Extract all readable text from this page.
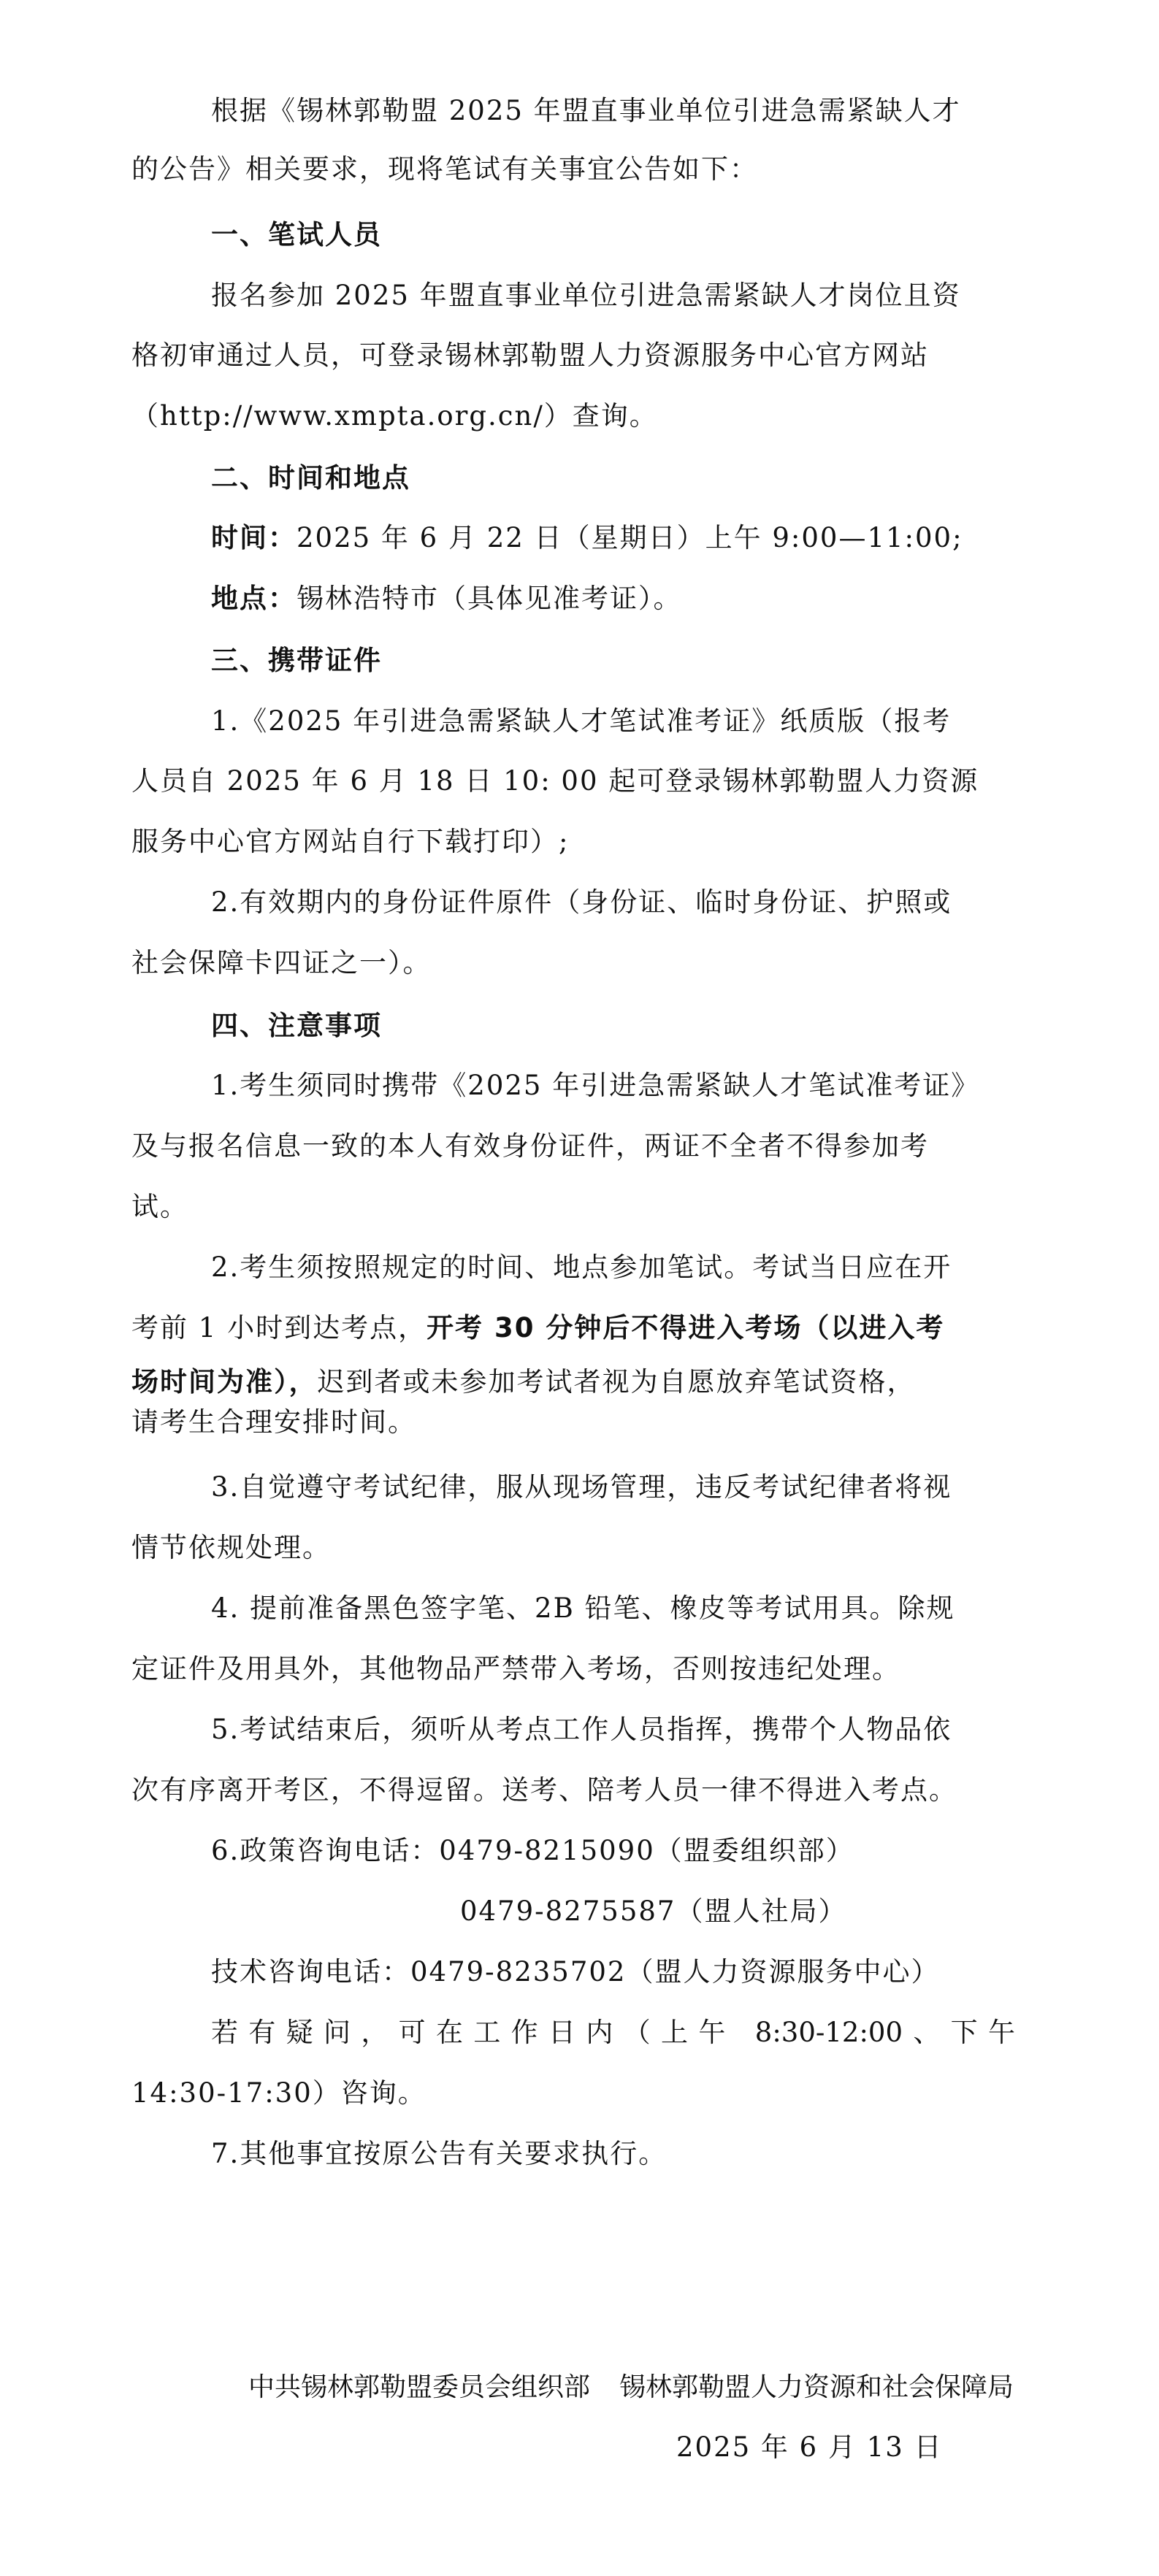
根据《锡林郭勒盟 2025 年盟直事业单位引进急需紧缺人才
的公告》相关要求，现将笔试有关事宜公告如下：
一、笔试人员
报名参加 2025 年盟直事业单位引进急需紧缺人才岗位且资
格初审通过人员，可登录锡林郭勒盟人力资源服务中心官方网站
（http://www.xmpta.org.cn/）查询。
二、时间和地点
时间：2025 年 6 月 22 日（星期日）上午 9:00—11:00;
地点：锡林浩特市（具体见准考证）。
三、携带证件
1.《2025 年引进急需紧缺人才笔试准考证》纸质版（报考
人员自 2025 年 6 月 18 日 10: 00 起可登录锡林郭勒盟人力资源
服务中心官方网站自行下载打印）;
2.有效期内的身份证件原件（身份证、临时身份证、护照或
社会保障卡四证之一）。
四、注意事项
1.考生须同时携带《2025 年引进急需紧缺人才笔试准考证》
及与报名信息一致的本人有效身份证件，两证不全者不得参加考
试。
2.考生须按照规定的时间、地点参加笔试。考试当日应在开
考前 1 小时到达考点，开考 30 分钟后不得进入考场（以进入考
场时间为准），迟到者或未参加考试者视为自愿放弃笔试资格，
请考生合理安排时间。
3.自觉遵守考试纪律，服从现场管理，违反考试纪律者将视
情节依规处理。
4. 提前准备黑色签字笔、2B 铅笔、橡皮等考试用具。除规
定证件及用具外，其他物品严禁带入考场，否则按违纪处理。
5.考试结束后，须听从考点工作人员指挥，携带个人物品依
次有序离开考区，不得逗留。送考、陪考人员一律不得进入考点。
6.政策咨询电话：0479-8215090（盟委组织部）
0479-8275587（盟人社局）
技术咨询电话：0479-8235702（盟人力资源服务中心）
若有疑问，可在工作日内（上午 8:30-12:00、下午
14:30-17:30）咨询。
7.其他事宜按原公告有关要求执行。
中共锡林郭勒盟委员会组织部 锡林郭勒盟人力资源和社会保障局
2025 年 6 月 13 日
